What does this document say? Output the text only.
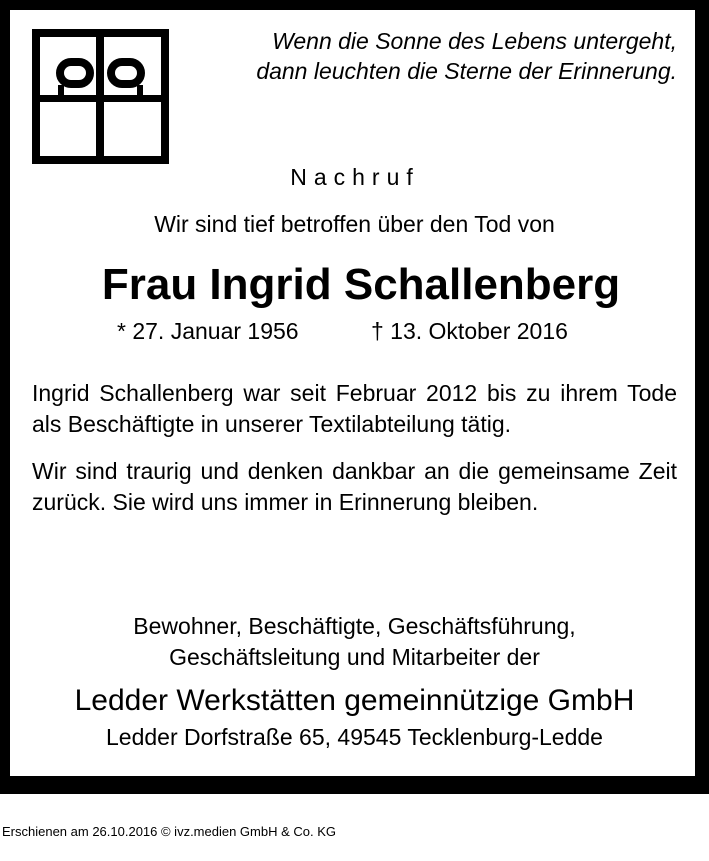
Wenn die Sonne des Lebens untergeht,
dann leuchten die Sterne der Erinnerung.

Nachruf

Wir sind tief betroffen über den Tod von

Frau Ingrid Schallenberg

* 27. Januar 1956	† 13. Oktober 2016

Ingrid Schallenberg war seit Februar 2012 bis zu ihrem Tode als Beschäftigte in unserer Textilabteilung tätig.

Wir sind traurig und denken dankbar an die gemeinsame Zeit zurück. Sie wird uns immer in Erinnerung bleiben.

Bewohner, Beschäftigte, Geschäftsführung,
Geschäftsleitung und Mitarbeiter der

Ledder Werkstätten gemeinnützige GmbH

Ledder Dorfstraße 65, 49545 Tecklenburg-Ledde

Erschienen am 26.10.2016 © ivz.medien GmbH & Co. KG
